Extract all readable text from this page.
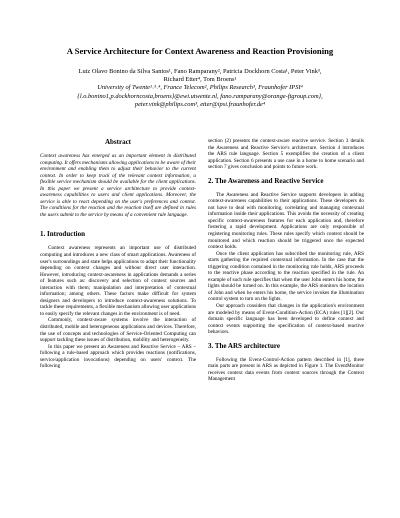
A Service Architecture for Context Awareness and Reaction Provisioning
Luiz Olavo Bonino da Silva Santos¹, Fano Ramparany², Patricia Dockhorn Costa¹, Peter Vink³,
Richard Etter⁴, Tom Broens¹
University of Twente¹˒³˒⁴, France Telecom², Philips Research³, Fraunhofer IPSI⁴
{l.o.bonino1,p.dockhorncosta,broens}@ewi.utwente.nl, fano.ramparany@orange-ftgroup.com},
peter.vink@philips.com³, etter@ipsi.fraunhofer.de⁴
Abstract

Context awareness has emerged as an important element in distributed computing. It offers mechanisms allowing applications to be aware of their environment and enabling them to adjust their behavior to the current context. In order to keep track of the relevant context information, a flexible service mechanism should be available for the client applications. In this paper we present a service architecture to provide context-awareness capabilities to users and client applications. Moreover, the service is able to react depending on the user's preferences and context. The conditions for the reaction and the reaction itself are defined in rules the users submit to the service by means of a convenient rule language.

1. Introduction

Context awareness represents an important use of distributed computing and introduces a new class of smart applications. Awareness of user's surroundings and state helps applications to adapt their functionality depending on context changes and without direct user interaction. However, introducing context-awareness in applications demands a series of features such as: discovery and selection of context sources and interaction with them; manipulation and interpretation of contextual information; among others. These factors make difficult for system designers and developers to introduce context-awareness solutions. To tackle these requirements, a flexible mechanism allowing user applications to easily specify the relevant changes in the environment is of need.

Commonly, context-aware systems involve the interaction of distributed, mobile and heterogeneous applications and devices. Therefore, the use of concepts and technologies of Service-Oriented Computing can support tackling these issues of distribution, mobility and heterogeneity.

In this paper we present an Awareness and Reactive Service – ARS – following a rule-based approach which provides reactions (notifications, service/application invocations) depending on users' context. The following

section (2) presents the context-aware reactive service. Section 3 details the Awareness and Reactive Service's architecture. Section 4 introduces the ARS rule language. Section 5 exemplifies the creation of a client application. Section 6 presents a use case in a home to home scenario and section 7 gives conclusion and points to future work.

2. The Awareness and Reactive Service

The Awareness and Reactive Service supports developers in adding context-awareness capabilities to their applications. These developers do not have to deal with monitoring, correlating and managing contextual information inside their applications. This avoids the necessity of creating specific context-awareness features for each application and, therefore fostering a rapid development. Applications are only responsible of registering monitoring rules. These rules specify which context should be monitored and which reaction should be triggered once the expected context holds.

Once the client application has subscribed the monitoring rule, ARS starts gathering the required contextual information. In the case that the triggering condition contained in the monitoring rule holds, ARS proceeds to the reactive phase according to the reaction specified in the rule. An example of such rule specifies that when the user John enters his home, the lights should be turned on. In this example, the ARS monitors the location of John and when he enters his home, the service invokes the illumination control system to turn on the lights.

Our approach considers that changes in the application's environment are modeled by means of Event-Condition-Action (ECA) rules [1][2]. Our domain specific language has been developed to define context and context events supporting the specification of context-based reactive behaviors.

3. The ARS architecture

Following the Event-Control-Action pattern described in [1], three main parts are present in ARS as depicted in Figure 1. The EventMonitor receives context data events from context sources through the Context Management
